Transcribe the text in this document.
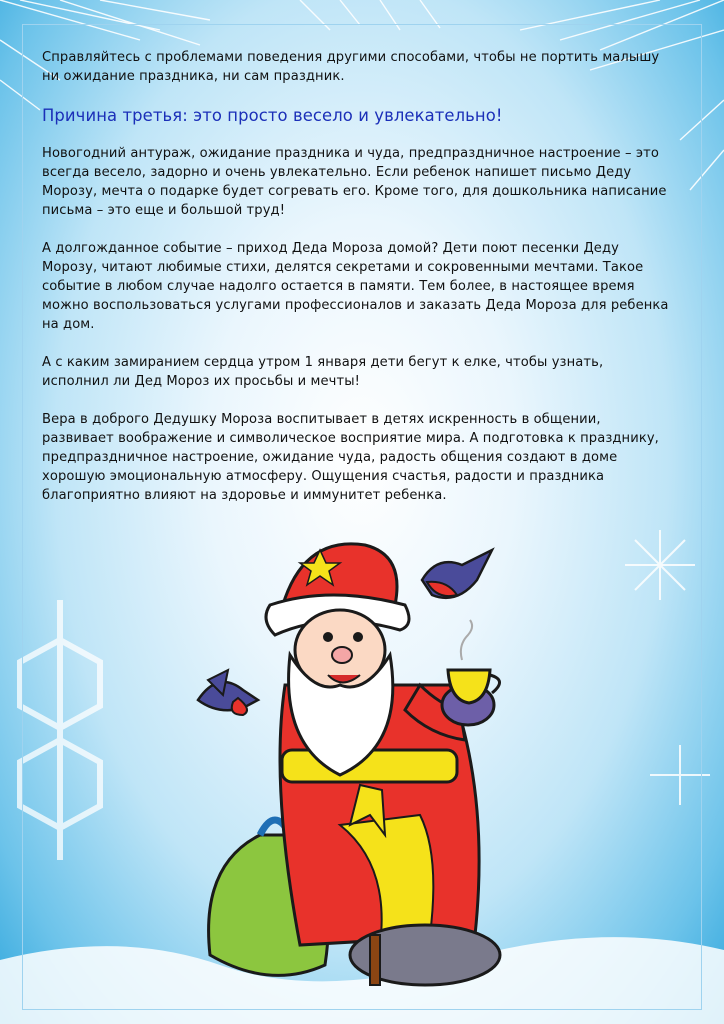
Справляйтесь с проблемами поведения другими способами, чтобы не портить малышу ни ожидание праздника, ни сам праздник.

Причина третья: это просто весело и увлекательно!

Новогодний антураж, ожидание праздника и чуда, предпраздничное настроение – это всегда весело, задорно и очень увлекательно. Если ребенок напишет письмо Деду Морозу, мечта о подарке будет согревать его. Кроме того, для дошкольника написание письма – это еще и большой труд!

А долгожданное событие – приход Деда Мороза домой? Дети поют песенки Деду Морозу, читают любимые стихи, делятся секретами и сокровенными мечтами. Такое событие в любом случае надолго остается в памяти. Тем более, в настоящее время можно воспользоваться услугами профессионалов и заказать Деда Мороза для ребенка на дом.

А с каким замиранием сердца утром 1 января дети бегут к елке, чтобы узнать, исполнил ли Дед Мороз их просьбы и мечты!

Вера в доброго Дедушку Мороза воспитывает в детях искренность в общении, развивает воображение и символическое восприятие мира. А подготовка к празднику, предпраздничное настроение, ожидание чуда, радость общения создают в доме хорошую эмоциональную атмосферу. Ощущения счастья, радости и праздника благоприятно влияют на здоровье и иммунитет ребенка.
